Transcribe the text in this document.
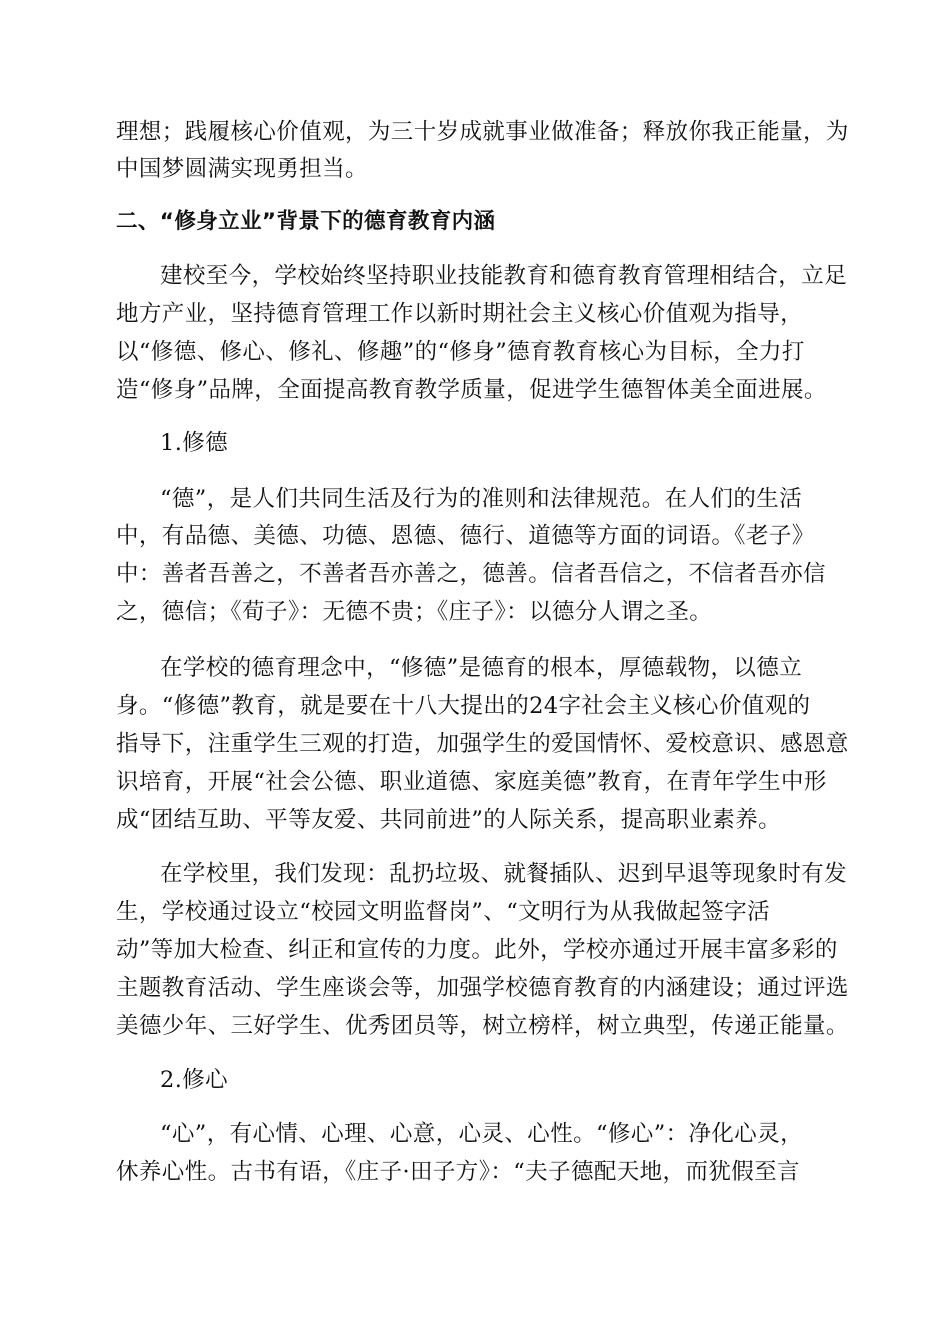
理想；践履核心价值观，为三十岁成就事业做准备；释放你我正能量，为
中国梦圆满实现勇担当。
二、“修身立业”背景下的德育教育内涵
建校至今，学校始终坚持职业技能教育和德育教育管理相结合，立足
地方产业，坚持德育管理工作以新时期社会主义核心价值观为指导，
以“修德、修心、修礼、修趣”的“修身”德育教育核心为目标，全力打
造“修身”品牌，全面提高教育教学质量，促进学生德智体美全面进展。
1.修德
“德”，是人们共同生活及行为的准则和法律规范。在人们的生活
中，有品德、美德、功德、恩德、德行、道德等方面的词语。《老子》
中：善者吾善之，不善者吾亦善之，德善。信者吾信之，不信者吾亦信
之，德信；《荀子》：无德不贵；《庄子》：以德分人谓之圣。
在学校的德育理念中，“修德”是德育的根本，厚德载物，以德立
身。“修德”教育，就是要在十八大提出的24字社会主义核心价值观的
指导下，注重学生三观的打造，加强学生的爱国情怀、爱校意识、感恩意
识培育，开展“社会公德、职业道德、家庭美德”教育，在青年学生中形
成“团结互助、平等友爱、共同前进”的人际关系，提高职业素养。
在学校里，我们发现：乱扔垃圾、就餐插队、迟到早退等现象时有发
生，学校通过设立“校园文明监督岗”、“文明行为从我做起签字活
动”等加大检查、纠正和宣传的力度。此外，学校亦通过开展丰富多彩的
主题教育活动、学生座谈会等，加强学校德育教育的内涵建设；通过评选
美德少年、三好学生、优秀团员等，树立榜样，树立典型，传递正能量。
2.修心
“心”，有心情、心理、心意，心灵、心性。“修心”：净化心灵，
休养心性。古书有语，《庄子·田子方》：“夫子德配天地，而犹假至言
